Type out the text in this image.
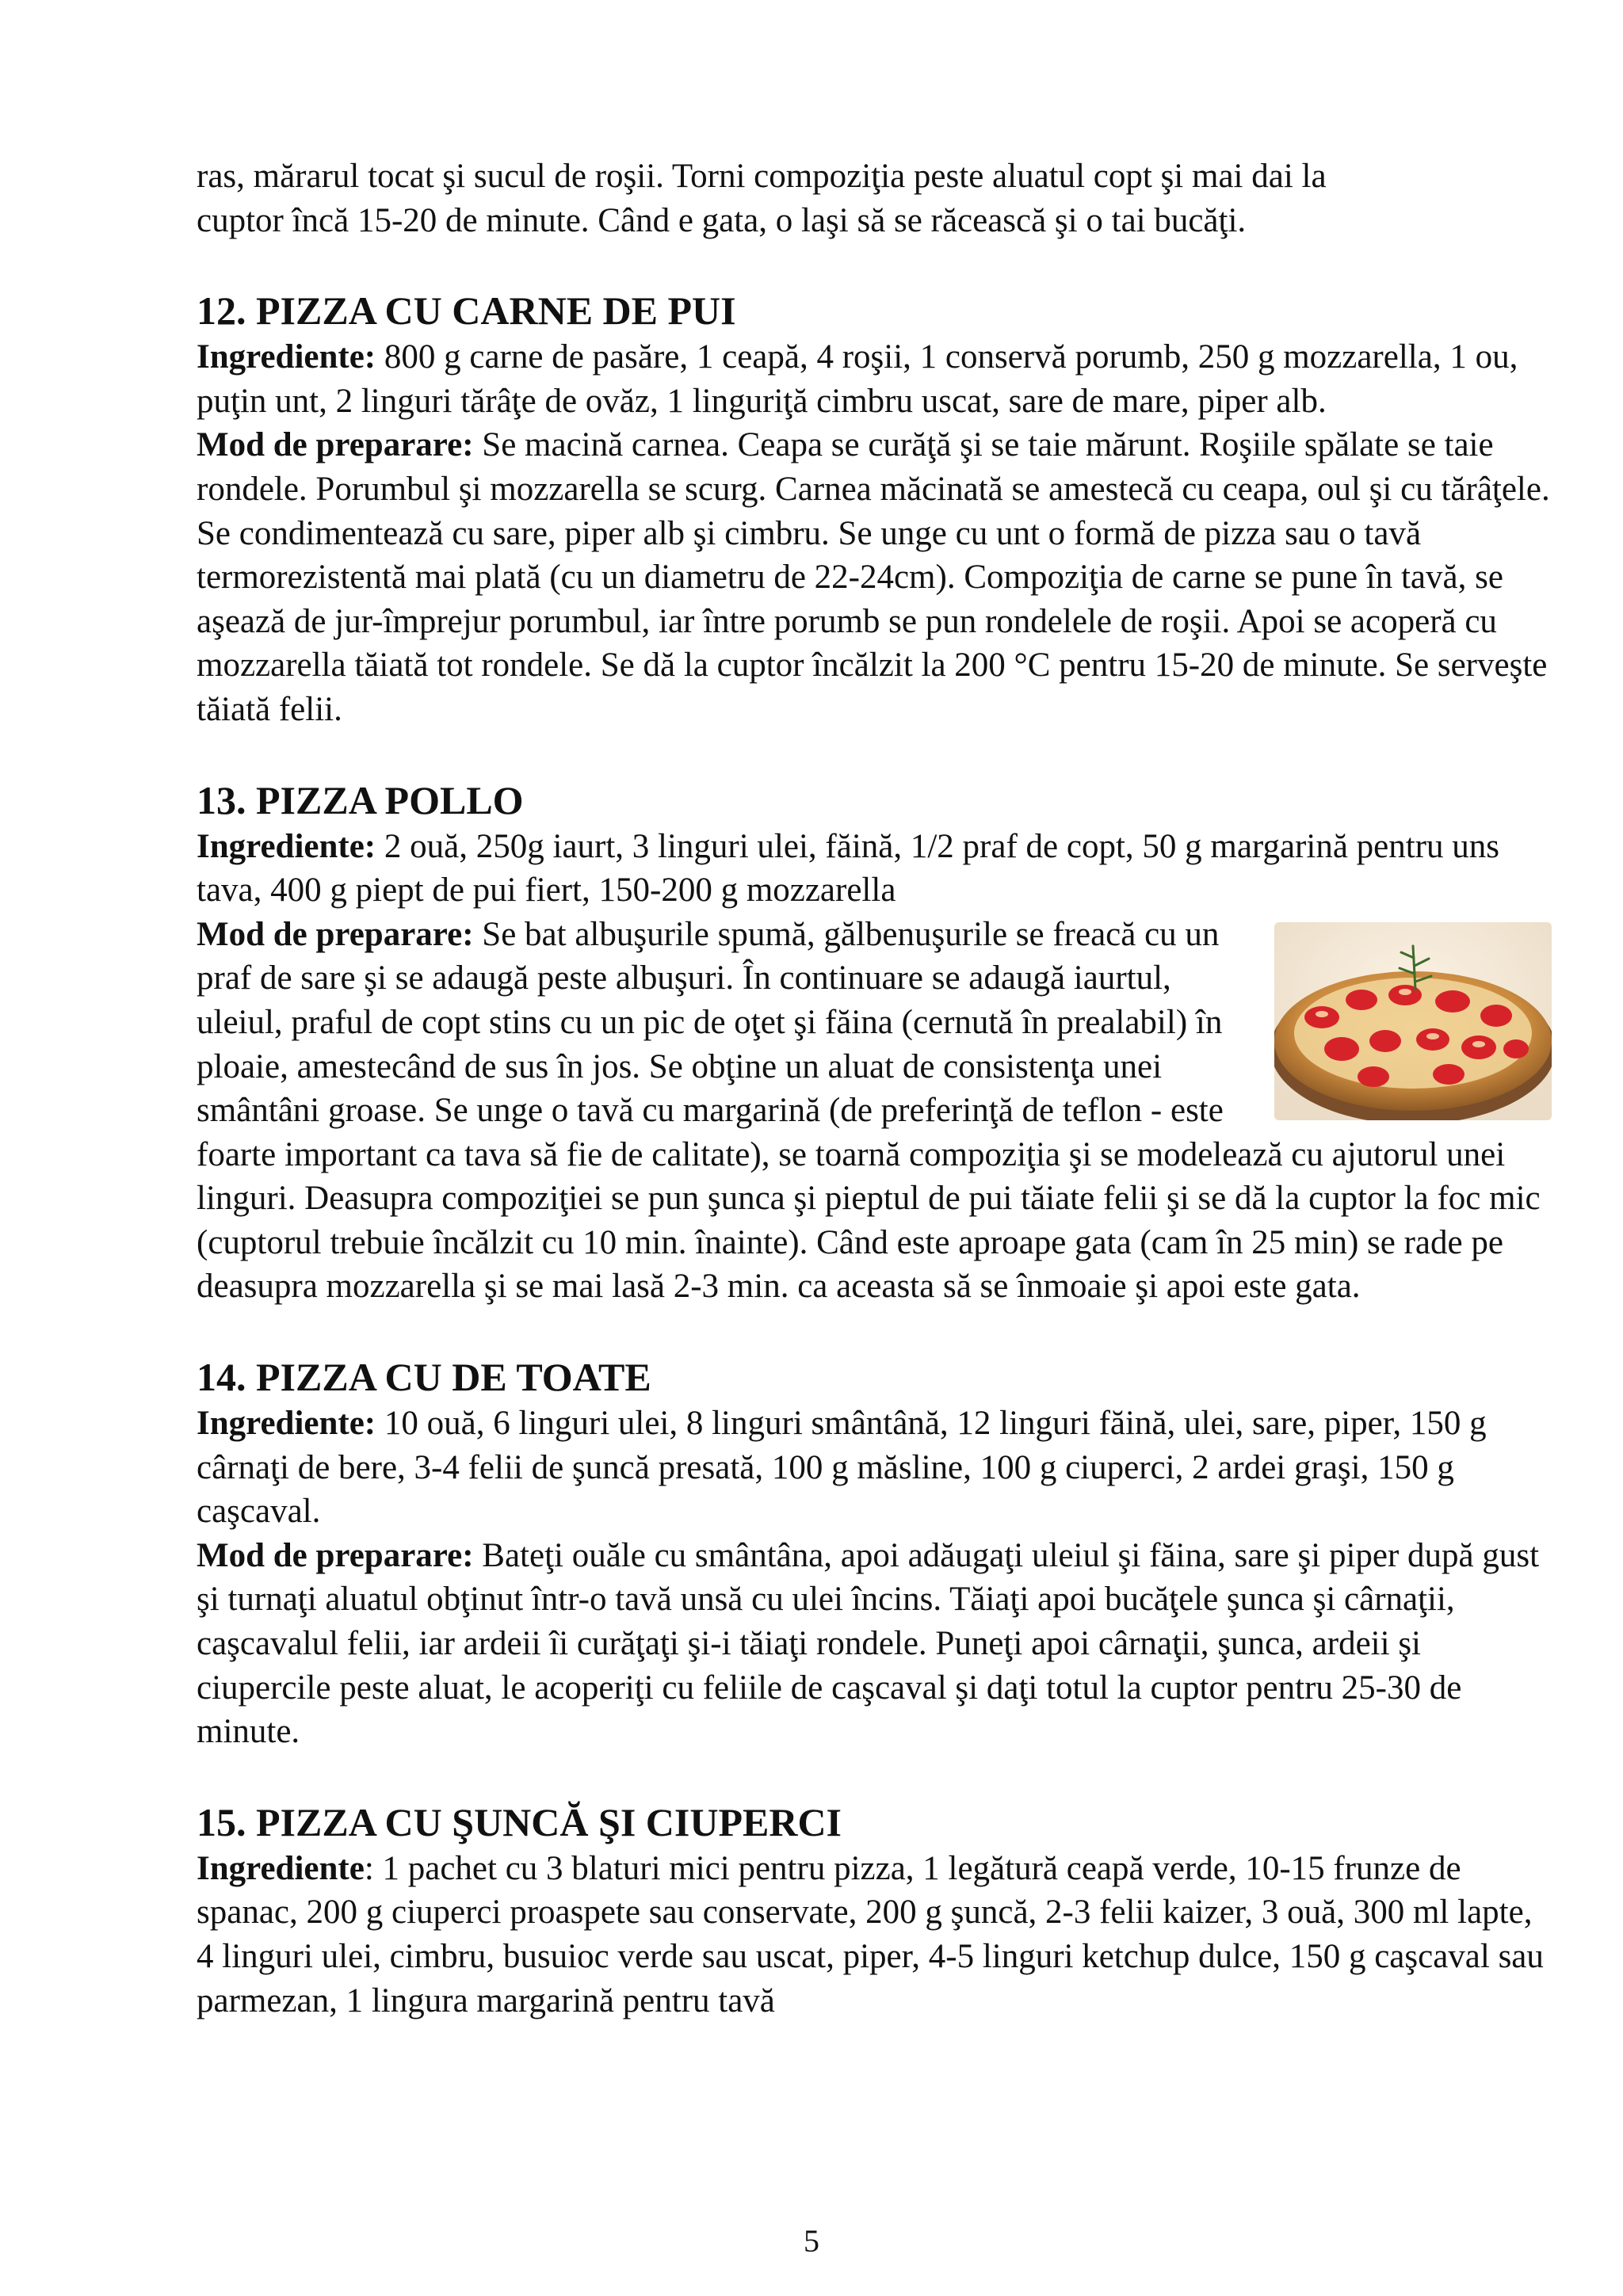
ras, mărarul tocat şi sucul de roşii. Torni compoziţia peste aluatul copt şi mai dai la
cuptor încă 15-20 de minute. Când e gata, o laşi să se răcească şi o tai bucăţi.

12. PIZZA CU CARNE DE PUI

Ingrediente: 800 g carne de pasăre, 1 ceapă, 4 roşii, 1 conservă porumb, 250 g mozzarella, 1 ou, puţin unt, 2 linguri tărâţe de ovăz, 1 linguriţă cimbru uscat, sare de mare, piper alb.

Mod de preparare: Se macină carnea. Ceapa se curăţă şi se taie mărunt. Roşiile spălate se taie rondele. Porumbul şi mozzarella se scurg. Carnea măcinată se amestecă cu ceapa, oul şi cu tărâţele. Se condimentează cu sare, piper alb şi cimbru. Se unge cu unt o formă de pizza sau o tavă termorezistentă mai plată (cu un diametru de 22-24cm). Compoziţia de carne se pune în tavă, se aşează de jur-împrejur porumbul, iar între porumb se pun rondelele de roşii. Apoi se acoperă cu mozzarella tăiată tot rondele. Se dă la cuptor încălzit la 200 °C pentru 15-20 de minute. Se serveşte tăiată felii.

13. PIZZA POLLO

Ingrediente: 2 ouă, 250g iaurt, 3 linguri ulei, făină, 1/2 praf de copt, 50 g margarină pentru uns tava, 400 g piept de pui fiert, 150-200 g mozzarella

Mod de preparare: Se bat albuşurile spumă, gălbenuşurile se freacă cu un praf de sare şi se adaugă peste albuşuri. În continuare se adaugă iaurtul, uleiul, praful de copt stins cu un pic de oţet şi făina (cernută în prealabil) în ploaie, amestecând de sus în jos. Se obţine un aluat de consistenţa unei smântâni groase. Se unge o tavă cu margarină (de preferinţă de teflon - este foarte important ca tava să fie de calitate), se toarnă compoziţia şi se modelează cu ajutorul unei linguri. Deasupra compoziţiei se pun şunca şi pieptul de pui tăiate felii şi se dă la cuptor la foc mic (cuptorul trebuie încălzit cu 10 min. înainte). Când este aproape gata (cam în 25 min) se rade pe deasupra mozzarella şi se mai lasă 2-3 min. ca aceasta să se înmoaie şi apoi este gata.

14. PIZZA CU DE TOATE

Ingrediente: 10 ouă, 6 linguri ulei, 8 linguri smântână, 12 linguri făină, ulei, sare, piper, 150 g cârnaţi de bere, 3-4 felii de şuncă presată, 100 g măsline, 100 g ciuperci, 2 ardei graşi, 150 g caşcaval.

Mod de preparare: Bateţi ouăle cu smântâna, apoi adăugaţi uleiul şi făina, sare şi piper după gust şi turnaţi aluatul obţinut într-o tavă unsă cu ulei încins. Tăiaţi apoi bucăţele şunca şi cârnaţii, caşcavalul felii, iar ardeii îi curăţaţi şi-i tăiaţi rondele. Puneţi apoi cârnaţii, şunca, ardeii şi ciupercile peste aluat, le acoperiţi cu feliile de caşcaval şi daţi totul la cuptor pentru 25-30 de minute.

15. PIZZA CU ŞUNCĂ ŞI CIUPERCI

Ingrediente: 1 pachet cu 3 blaturi mici pentru pizza, 1 legătură ceapă verde, 10-15 frunze de spanac, 200 g ciuperci proaspete sau conservate, 200 g şuncă, 2-3 felii kaizer, 3 ouă, 300 ml lapte, 4 linguri ulei, cimbru, busuioc verde sau uscat, piper, 4-5 linguri ketchup dulce, 150 g caşcaval sau parmezan, 1 lingura margarină pentru tavă

5
